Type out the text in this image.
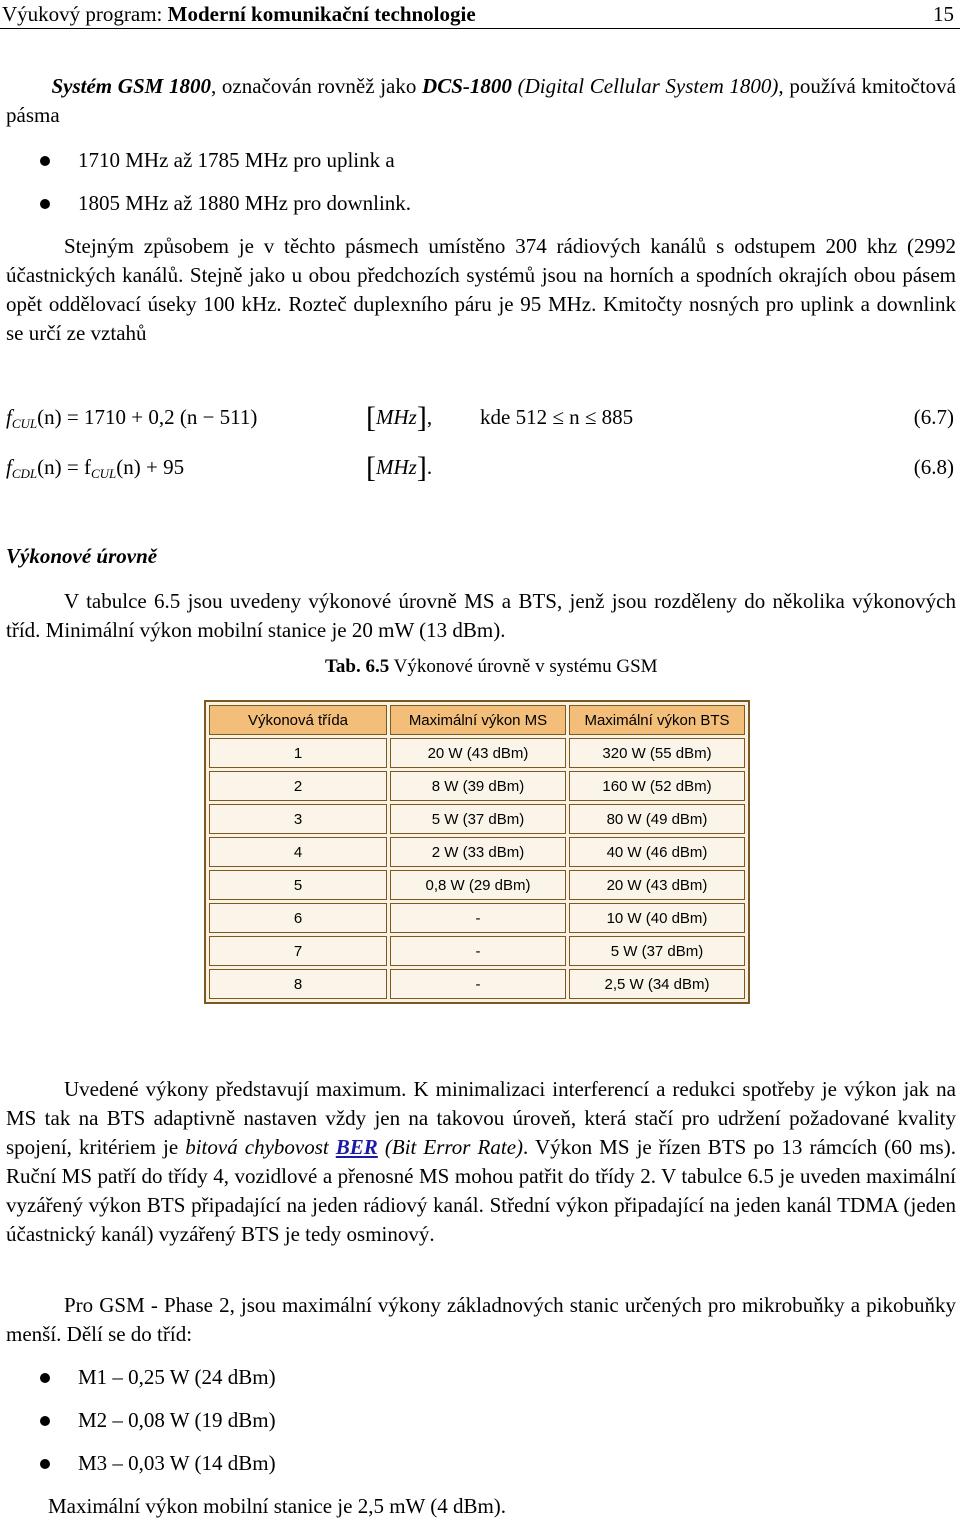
Výukový program: Moderní komunikační technologie	15
Systém GSM 1800, označován rovněž jako DCS-1800 (Digital Cellular System 1800), používá kmitočtová pásma
1710 MHz až 1785 MHz pro uplink a
1805 MHz až 1880 MHz pro downlink.
Stejným způsobem je v těchto pásmech umístěno 374 rádiových kanálů s odstupem 200 khz (2992 účastnických kanálů. Stejně jako u obou předchozích systémů jsou na horních a spodních okrajích obou pásem opět oddělovací úseky 100 kHz. Rozteč duplexního páru je 95 MHz. Kmitočty nosných pro uplink a downlink se určí ze vztahů
$f_{CUL}(n) = 1710 + 0,2$ (n − 511)	[MHz], kde 512 ≤ n ≤ 885	(6.7)
$f_{CDL}(n) = f_{CUL}(n) + 95$	[MHz].	(6.8)
Výkonové úrovně
V tabulce 6.5 jsou uvedeny výkonové úrovně MS a BTS, jenž jsou rozděleny do několika výkonových tříd. Minimální výkon mobilní stanice je 20 mW (13 dBm).
Tab. 6.5 Výkonové úrovně v systému GSM
Výkonová třída	Maximální výkon MS	Maximální výkon BTS
1	20 W (43 dBm)	320 W (55 dBm)
2	8 W (39 dBm)	160 W (52 dBm)
3	5 W (37 dBm)	80 W (49 dBm)
4	2 W (33 dBm)	40 W (46 dBm)
5	0,8 W (29 dBm)	20 W (43 dBm)
6	-	10 W (40 dBm)
7	-	5 W (37 dBm)
8	-	2,5 W (34 dBm)
Uvedené výkony představují maximum. K minimalizaci interferencí a redukci spotřeby je výkon jak na MS tak na BTS adaptivně nastaven vždy jen na takovou úroveň, která stačí pro udržení požadované kvality spojení, kritériem je bitová chybovost BER (Bit Error Rate). Výkon MS je řízen BTS po 13 rámcích (60 ms). Ruční MS patří do třídy 4, vozidlové a přenosné MS mohou patřit do třídy 2. V tabulce 6.5 je uveden maximální vyzářený výkon BTS připadající na jeden rádiový kanál. Střední výkon připadající na jeden kanál TDMA (jeden účastnický kanál) vyzářený BTS je tedy osminový.
Pro GSM - Phase 2, jsou maximální výkony základnových stanic určených pro mikrobuňky a pikobuňky menší. Dělí se do tříd:
M1 – 0,25 W (24 dBm)
M2 – 0,08 W (19 dBm)
M3 – 0,03 W (14 dBm)
Maximální výkon mobilní stanice je 2,5 mW (4 dBm).
